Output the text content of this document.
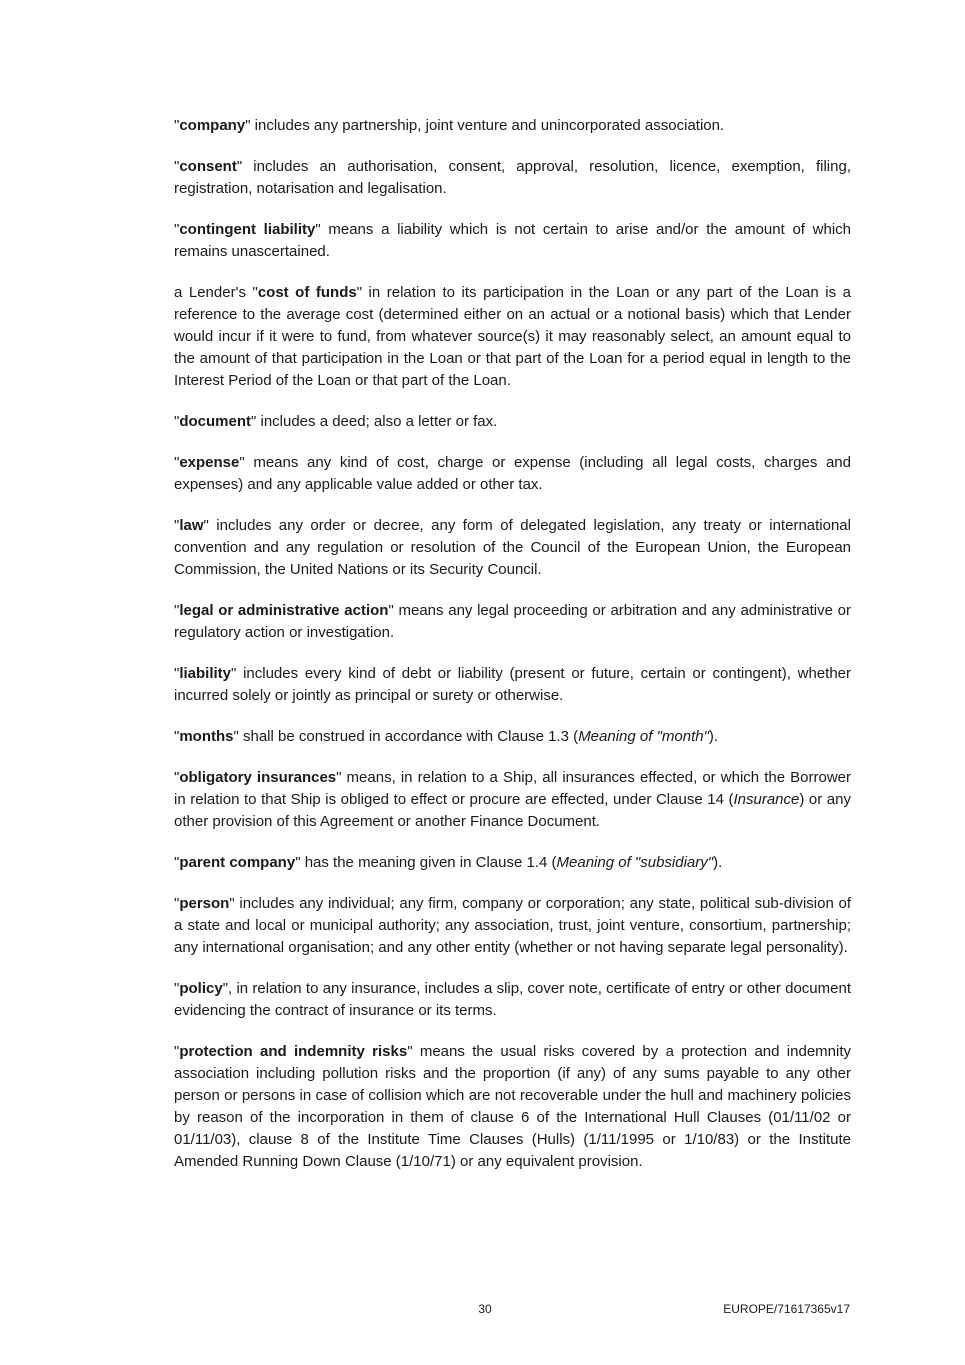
"company" includes any partnership, joint venture and unincorporated association.

"consent" includes an authorisation, consent, approval, resolution, licence, exemption, filing, registration, notarisation and legalisation.

"contingent liability" means a liability which is not certain to arise and/or the amount of which remains unascertained.

a Lender's "cost of funds" in relation to its participation in the Loan or any part of the Loan is a reference to the average cost (determined either on an actual or a notional basis) which that Lender would incur if it were to fund, from whatever source(s) it may reasonably select, an amount equal to the amount of that participation in the Loan or that part of the Loan for a period equal in length to the Interest Period of the Loan or that part of the Loan.

"document" includes a deed; also a letter or fax.

"expense" means any kind of cost, charge or expense (including all legal costs, charges and expenses) and any applicable value added or other tax.

"law" includes any order or decree, any form of delegated legislation, any treaty or international convention and any regulation or resolution of the Council of the European Union, the European Commission, the United Nations or its Security Council.

"legal or administrative action" means any legal proceeding or arbitration and any administrative or regulatory action or investigation.

"liability" includes every kind of debt or liability (present or future, certain or contingent), whether incurred solely or jointly as principal or surety or otherwise.

"months" shall be construed in accordance with Clause 1.3 (Meaning of "month").

"obligatory insurances" means, in relation to a Ship, all insurances effected, or which the Borrower in relation to that Ship is obliged to effect or procure are effected, under Clause 14 (Insurance) or any other provision of this Agreement or another Finance Document.

"parent company" has the meaning given in Clause 1.4 (Meaning of "subsidiary").

"person" includes any individual; any firm, company or corporation; any state, political sub-division of a state and local or municipal authority; any association, trust, joint venture, consortium, partnership; any international organisation; and any other entity (whether or not having separate legal personality).

"policy", in relation to any insurance, includes a slip, cover note, certificate of entry or other document evidencing the contract of insurance or its terms.

"protection and indemnity risks" means the usual risks covered by a protection and indemnity association including pollution risks and the proportion (if any) of any sums payable to any other person or persons in case of collision which are not recoverable under the hull and machinery policies by reason of the incorporation in them of clause 6 of the International Hull Clauses (01/11/02 or 01/11/03), clause 8 of the Institute Time Clauses (Hulls) (1/11/1995 or 1/10/83) or the Institute Amended Running Down Clause (1/10/71) or any equivalent provision.

30	EUROPE/71617365v17
